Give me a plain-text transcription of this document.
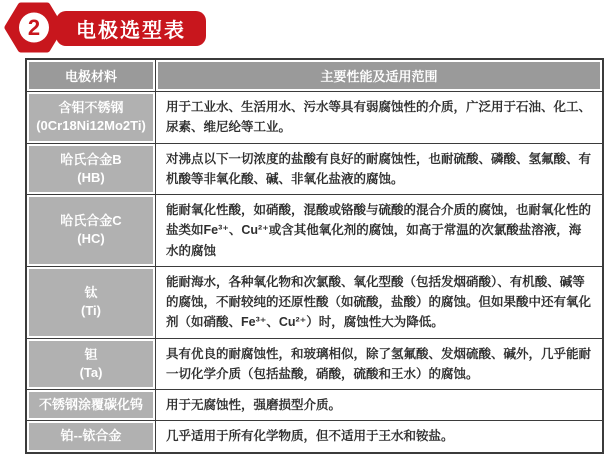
2	电极选型表
电极材料	主要性能及适用范围

含钼不锈钢
(0Cr18Ni12Mo2Ti)	用于工业水、生活用水、污水等具有弱腐蚀性的介质，广泛用于石油、化工、尿素、维尼纶等工业。

哈氏合金B
(HB)	对沸点以下一切浓度的盐酸有良好的耐腐蚀性，也耐硫酸、磷酸、氢氟酸、有机酸等非氧化酸、碱、非氧化盐液的腐蚀。

哈氏合金C
(HC)	能耐氧化性酸，如硝酸，混酸或铬酸与硫酸的混合介质的腐蚀，也耐氧化性的盐类如Fe³⁺、Cu²⁺或含其他氧化剂的腐蚀，如高于常温的次氯酸盐溶液，海水的腐蚀

钛
(Ti)	能耐海水，各种氧化物和次氯酸、氧化型酸（包括发烟硝酸）、有机酸、碱等的腐蚀，不耐较纯的还原性酸（如硫酸，盐酸）的腐蚀。但如果酸中还有氧化剂（如硝酸、Fe³⁺、Cu²⁺）时，腐蚀性大为降低。

钽
(Ta)	具有优良的耐腐蚀性，和玻璃相似，除了氢氟酸、发烟硫酸、碱外，几乎能耐一切化学介质（包括盐酸，硝酸，硫酸和王水）的腐蚀。

不锈钢涂覆碳化钨	用于无腐蚀性，强磨损型介质。

铂--铱合金	几乎适用于所有化学物质，但不适用于王水和铵盐。
